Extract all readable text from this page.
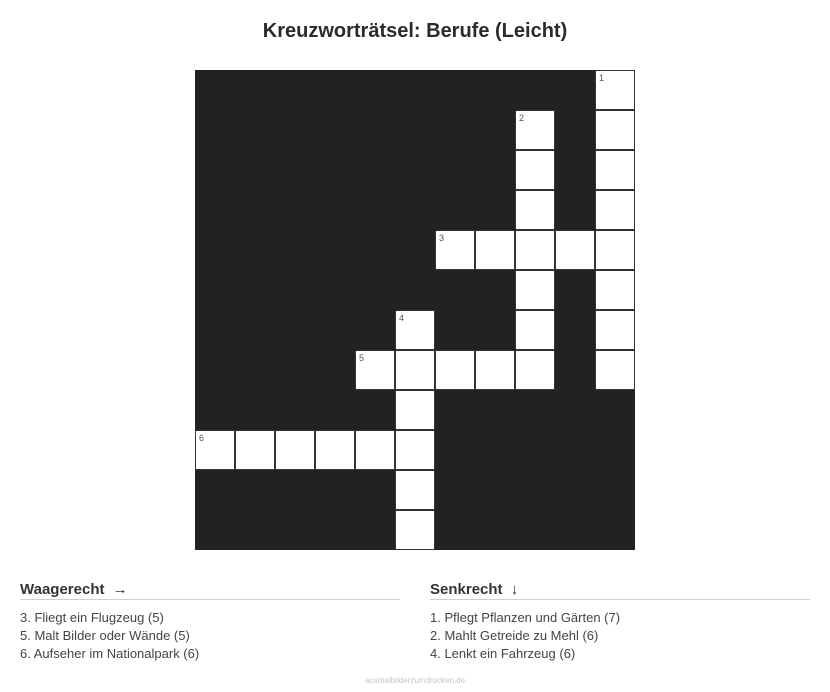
Kreuzworträtsel: Berufe (Leicht)
1
2
3
4
5
6
Waagerecht →
3. Fliegt ein Flugzeug (5)
5. Malt Bilder oder Wände (5)
6. Aufseher im Nationalpark (6)
Senkrecht ↓
1. Pflegt Pflanzen und Gärten (7)
2. Mahlt Getreide zu Mehl (6)
4. Lenkt ein Fahrzeug (6)
ausmalbilderzumdrucken.de
